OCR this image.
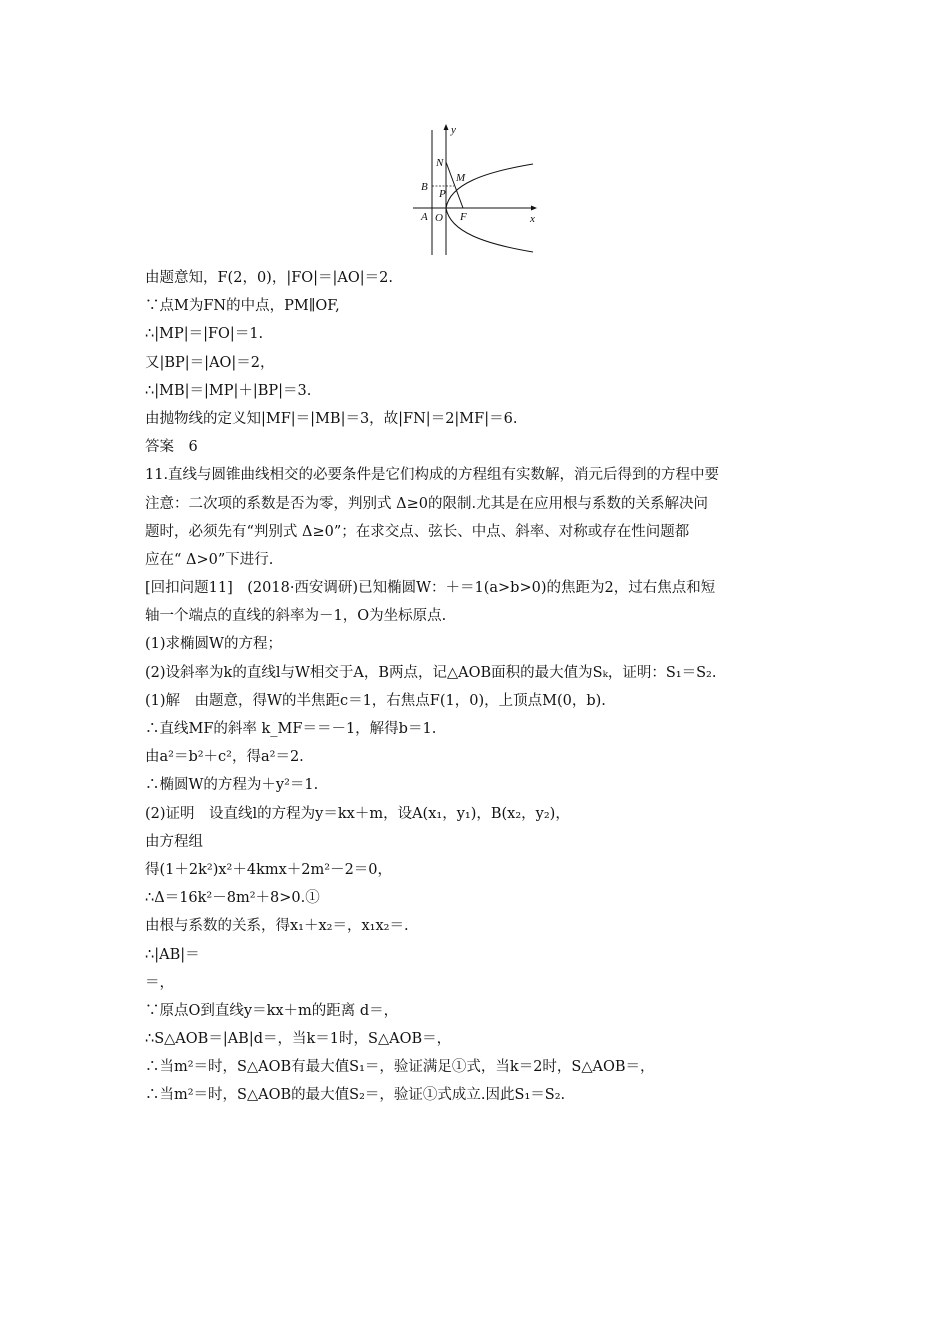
y
x
N
M
B
P
A O F
由题意知，F(2，0)，|FO|＝|AO|＝2.
∵点M为FN的中点，PM∥OF,
∴|MP|＝|FO|＝1.
又|BP|＝|AO|＝2，
∴|MB|＝|MP|＋|BP|＝3.
由抛物线的定义知|MF|＝|MB|＝3，故|FN|＝2|MF|＝6.
答案　6
11.直线与圆锥曲线相交的必要条件是它们构成的方程组有实数解，消元后得到的方程中要
注意：二次项的系数是否为零，判别式 Δ≥0的限制.尤其是在应用根与系数的关系解决问
题时，必须先有“判别式 Δ≥0”；在求交点、弦长、中点、斜率、对称或存在性问题都
应在“ Δ>0”下进行.
[回扣问题11]　(2018·西安调研)已知椭圆W：＋＝1(a>b>0)的焦距为2，过右焦点和短
轴一个端点的直线的斜率为－1，O为坐标原点.
(1)求椭圆W的方程；
(2)设斜率为k的直线l与W相交于A，B两点，记△AOB面积的最大值为Sₖ，证明：S₁＝S₂.
(1)解　由题意，得W的半焦距c＝1，右焦点F(1，0)，上顶点M(0，b).
∴直线MF的斜率 k_MF＝＝－1，解得b＝1.
由a²＝b²＋c²，得a²＝2.
∴椭圆W的方程为＋y²＝1.
(2)证明　设直线l的方程为y＝kx＋m，设A(x₁，y₁)，B(x₂，y₂)，
由方程组
得(1＋2k²)x²＋4kmx＋2m²－2＝0，
∴Δ＝16k²－8m²＋8>0.①
由根与系数的关系，得x₁＋x₂＝，x₁x₂＝.
∴|AB|＝
＝，
∵原点O到直线y＝kx＋m的距离 d＝，
∴S△AOB＝|AB|d＝，当k＝1时，S△AOB＝，
∴当m²＝时，S△AOB有最大值S₁＝，验证满足①式，当k＝2时，S△AOB＝，
∴当m²＝时，S△AOB的最大值S₂＝，验证①式成立.因此S₁＝S₂.
